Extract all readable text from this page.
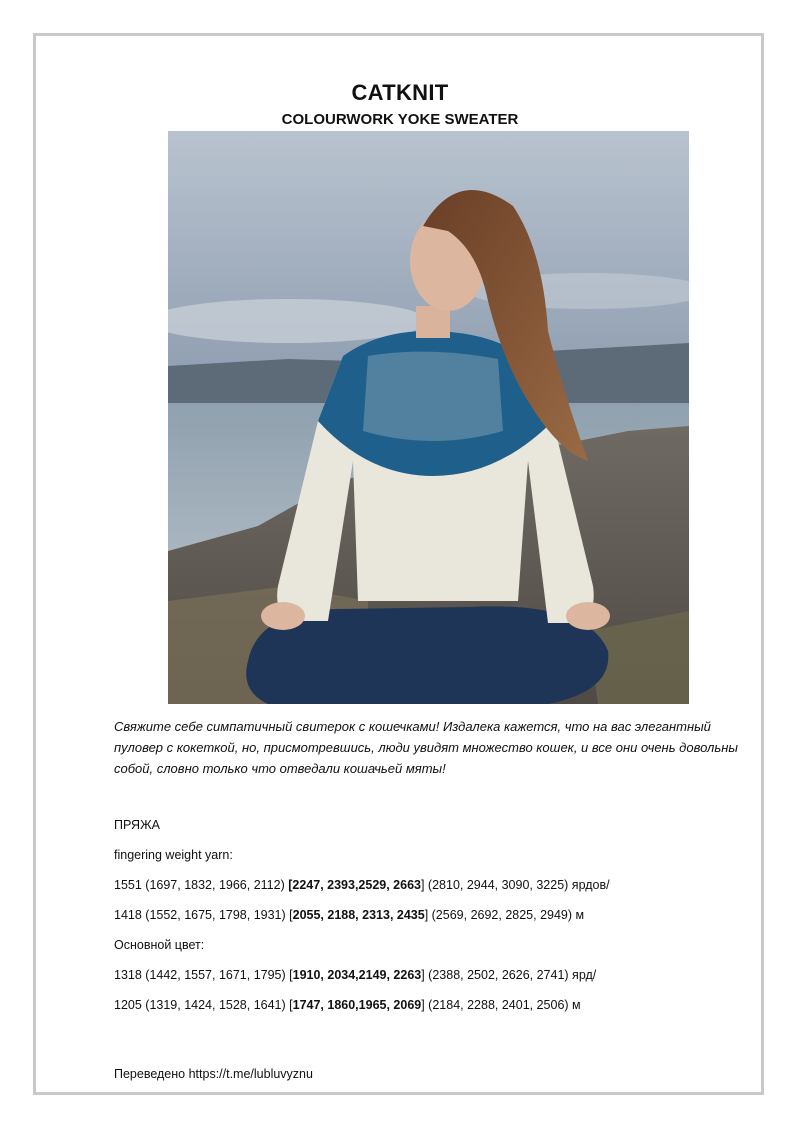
CATKNIT
COLOURWORK YOKE SWEATER
Свяжите себе симпатичный свитерок с кошечками! Издалека кажется, что на вас элегантный пуловер с кокеткой, но, присмотревшись, люди увидят множество кошек, и все они очень довольны собой, словно только что отведали кошачьей мяты!
ПРЯЖА
fingering weight yarn:
1551 (1697, 1832, 1966, 2112) [2247, 2393,2529, 2663] (2810, 2944, 3090, 3225) ярдов/
1418 (1552, 1675, 1798, 1931) [2055, 2188, 2313, 2435] (2569, 2692, 2825, 2949) м
Основной цвет:
1318 (1442, 1557, 1671, 1795) [1910, 2034,2149, 2263] (2388, 2502, 2626, 2741) ярд/
1205 (1319, 1424, 1528, 1641) [1747, 1860,1965, 2069] (2184, 2288, 2401, 2506) м
Переведено https://t.me/lubluvyznu
